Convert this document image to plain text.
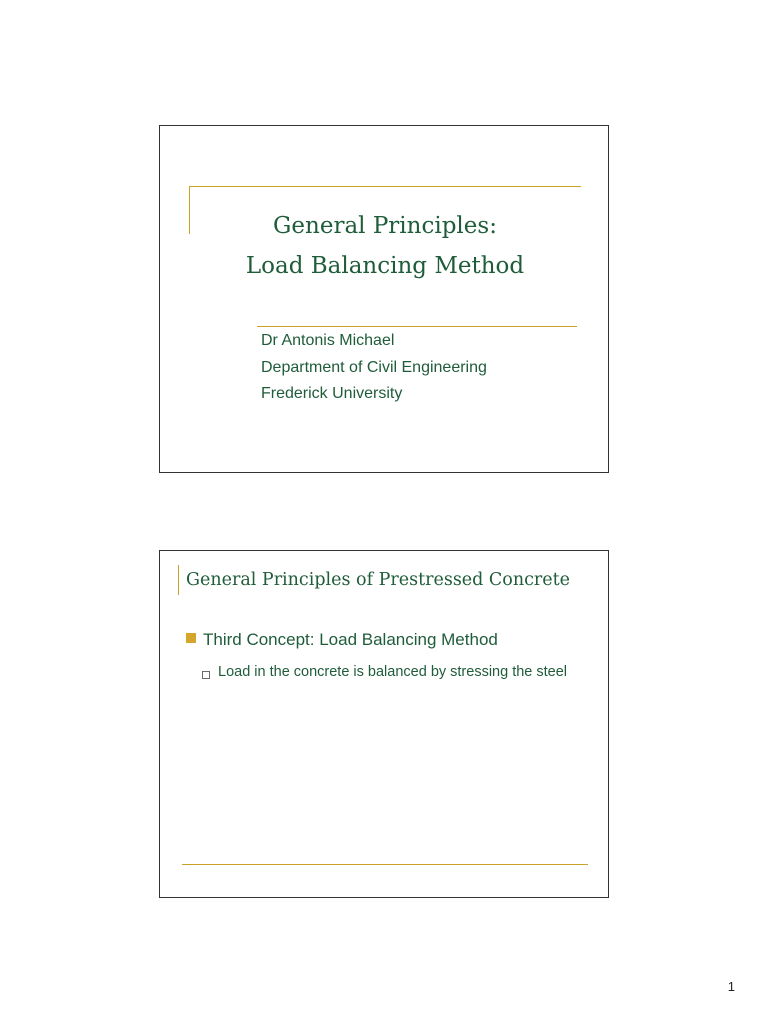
General Principles:
Load Balancing Method
Dr Antonis Michael
Department of Civil Engineering
Frederick University
General Principles of Prestressed Concrete
Third Concept: Load Balancing Method
Load in the concrete is balanced by stressing the steel
1
